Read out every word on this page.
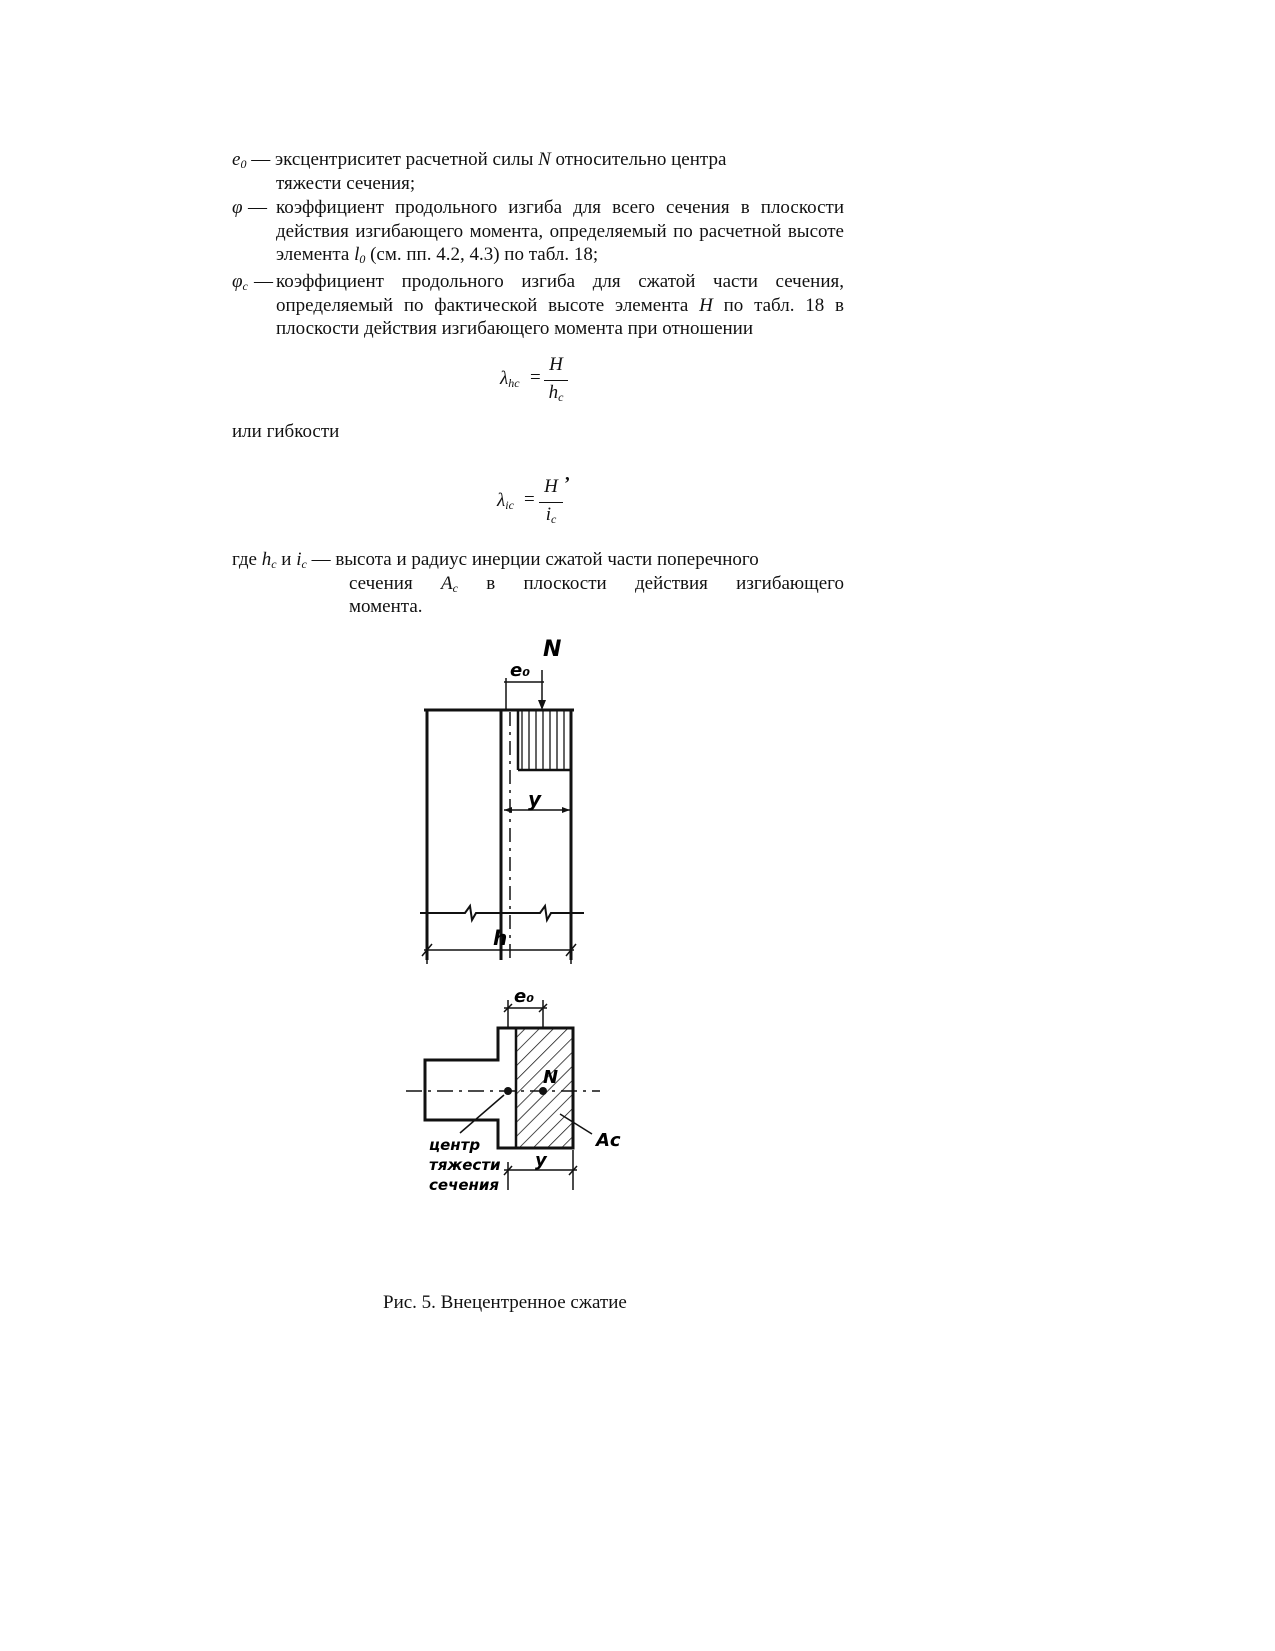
$e_0$ — эксцентриситет расчетной силы N относительно центра
тяжести сечения;
φ — коэффициент продольного изгиба для всего сечения в плоскости действия изгибающего момента, определяемый по расчетной высоте элемента $l_0$ (см. пп. 4.2, 4.3) по табл. 18;
$\varphi_c$ — коэффициент продольного изгиба для сжатой части сечения, определяемый по фактической высоте элемента H по табл. 18 в плоскости действия изгибающего момента при отношении
$\lambda_{hc}$ =
H
$h_c$
или гибкости
$\lambda_{ic}$ =
H
$i_c$
,
где $h_c$ и $i_c$ — высота и радиус инерции сжатой части поперечного
сечения $A_c$ в плоскости действия изгибающего
момента.
e₀
N
y
h
e₀
N
Aс
y
центр
тяжести
сечения
Рис. 5. Внецентренное сжатие
